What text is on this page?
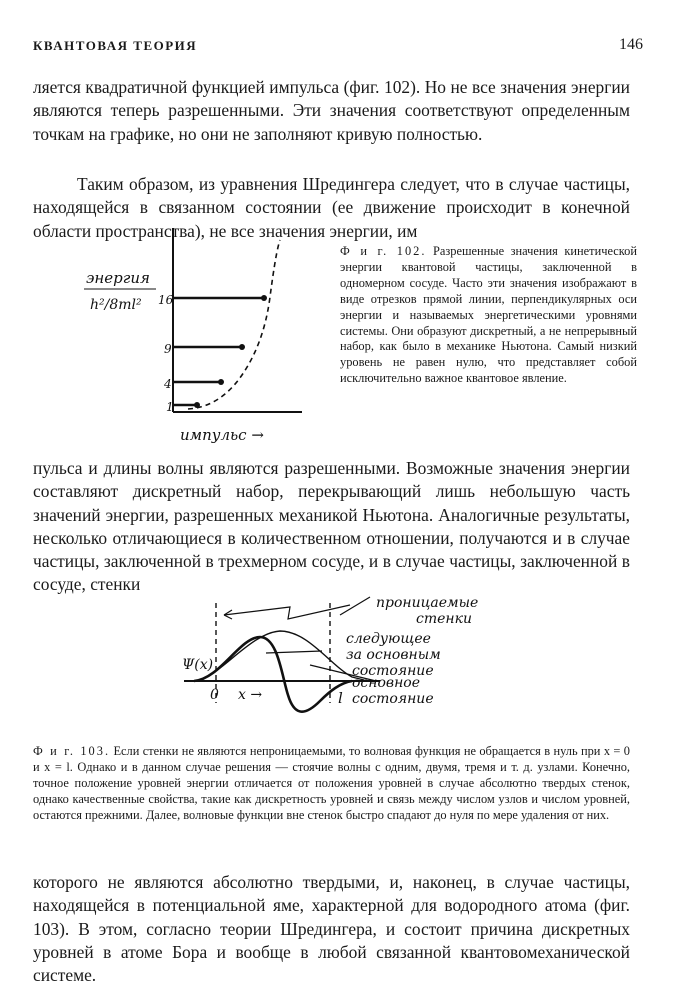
КВАНТОВАЯ ТЕОРИЯ	146

ляется квадратичной функцией импульса (фиг. 102). Но не все значения энергии являются теперь разрешенными. Эти значения соответствуют определенным точкам на графике, но они не заполняют кривую полностью.

Таким образом, из уравнения Шредингера следует, что в случае частицы, находящейся в связанном состоянии (ее движение происходит в конечной области пространства), не все значения энергии, им

энергия
h²/8ml² 16
9
4
1
импульс →

Ф и г. 102. Разрешенные значения кинетической энергии квантовой частицы, заключенной в одномерном сосуде. Часто эти значения изображают в виде отрезков прямой линии, перпендикулярных оси энергии и называемых энергетическими уровнями системы. Они образуют дискретный, а не непрерывный набор, как было в механике Ньютона. Самый низкий уровень не равен нулю, что представляет собой исключительно важное квантовое явление.

пульса и длины волны являются разрешенными. Возможные значения энергии составляют дискретный набор, перекрывающий лишь небольшую часть значений энергии, разрешенных механикой Ньютона. Аналогичные результаты, несколько отличающиеся в количественном отношении, получаются и в случае частицы, заключенной в трехмерном сосуде, и в случае частицы, заключенной в сосуде, стенки

проницаемые
стенки
следующее
за основным
состояние
основное
состояние
Ψ(x)
0 x →	l

Ф и г. 103. Если стенки не являются непроницаемыми, то волновая функция не обращается в нуль при x = 0 и x = l. Однако и в данном случае решения — стоячие волны с одним, двумя, тремя и т. д. узлами. Конечно, точное положение уровней энергии отличается от положения уровней в случае абсолютно твердых стенок, однако качественные свойства, такие как дискретность уровней и связь между числом узлов и числом уровней, остаются прежними. Далее, волновые функции вне стенок быстро спадают до нуля по мере удаления от них.

которого не являются абсолютно твердыми, и, наконец, в случае частицы, находящейся в потенциальной яме, характерной для водородного атома (фиг. 103). В этом, согласно теории Шредингера, и состоит причина дискретных уровней в атоме Бора и вообще в любой связанной квантовомеханической системе.
